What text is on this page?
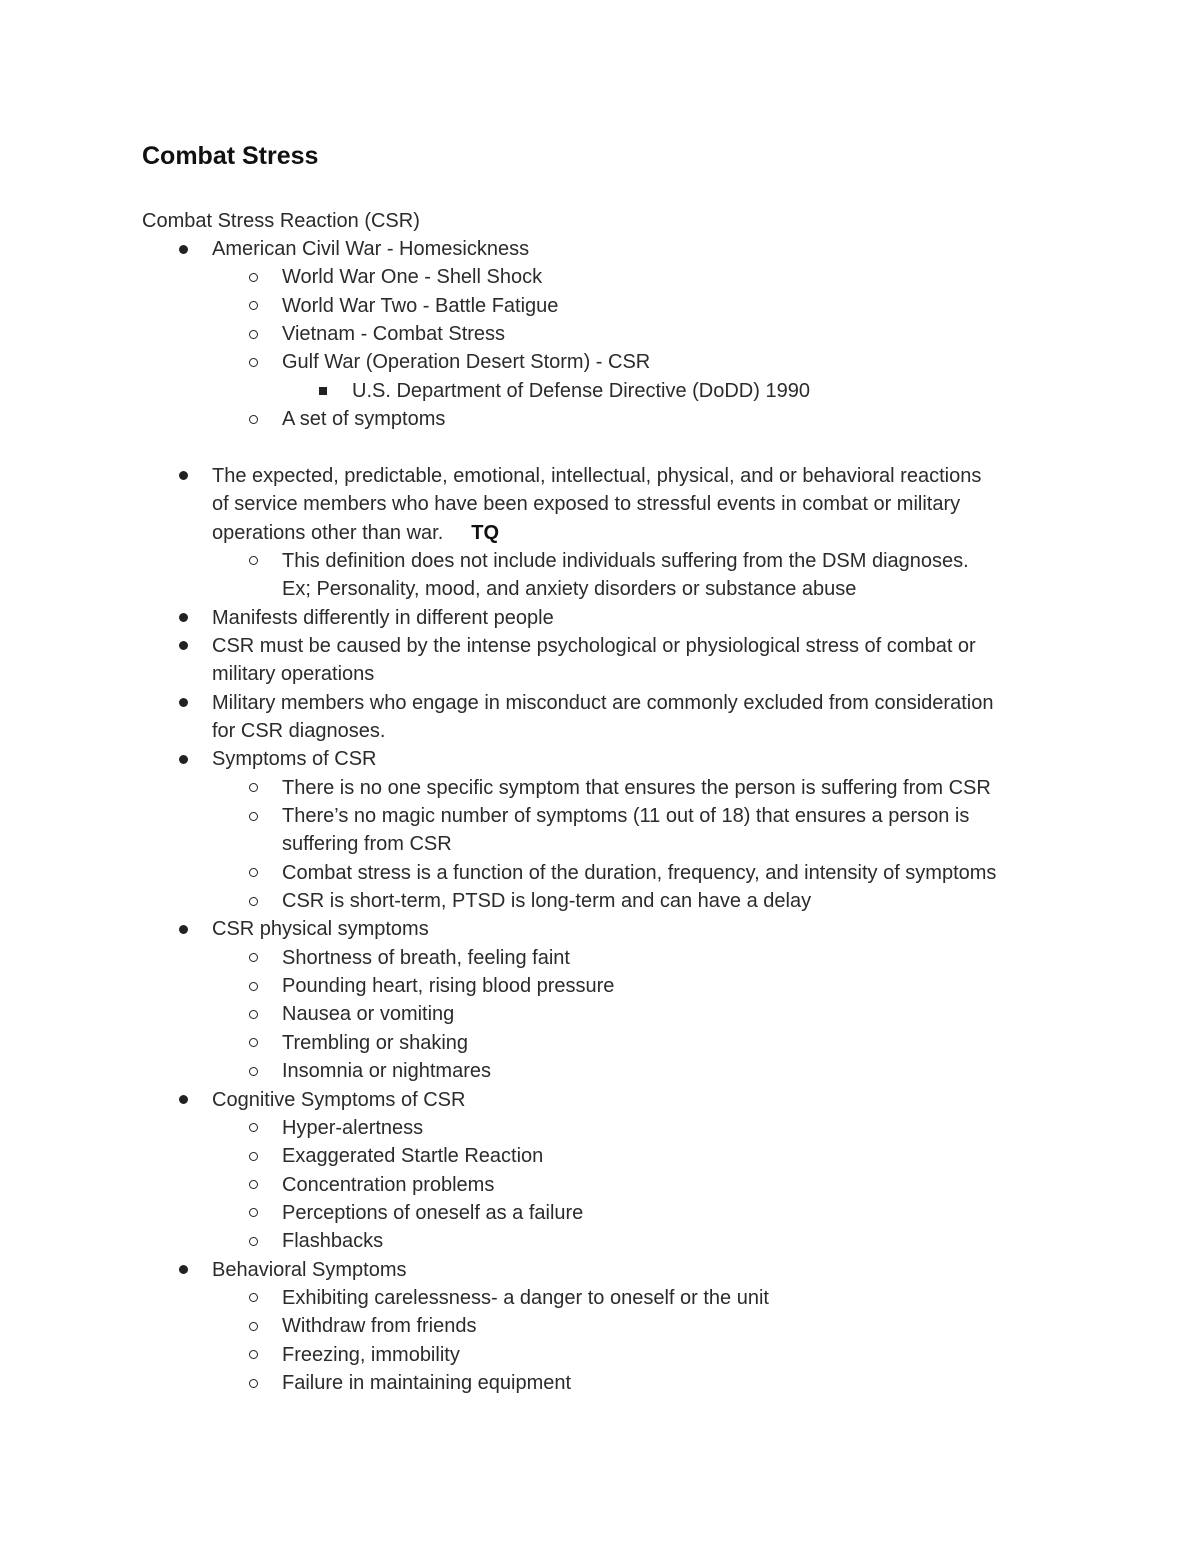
Combat Stress
Combat Stress Reaction (CSR)
American Civil War - Homesickness
World War One - Shell Shock
World War Two - Battle Fatigue
Vietnam - Combat Stress
Gulf War (Operation Desert Storm) - CSR
U.S. Department of Defense Directive (DoDD) 1990
A set of symptoms
The expected, predictable, emotional, intellectual, physical, and or behavioral reactions
of service members who have been exposed to stressful events in combat or military
operations other than war. TQ
This definition does not include individuals suffering from the DSM diagnoses.
Ex; Personality, mood, and anxiety disorders or substance abuse
Manifests differently in different people
CSR must be caused by the intense psychological or physiological stress of combat or
military operations
Military members who engage in misconduct are commonly excluded from consideration
for CSR diagnoses.
Symptoms of CSR
There is no one specific symptom that ensures the person is suffering from CSR
There’s no magic number of symptoms (11 out of 18) that ensures a person is
suffering from CSR
Combat stress is a function of the duration, frequency, and intensity of symptoms
CSR is short-term, PTSD is long-term and can have a delay
CSR physical symptoms
Shortness of breath, feeling faint
Pounding heart, rising blood pressure
Nausea or vomiting
Trembling or shaking
Insomnia or nightmares
Cognitive Symptoms of CSR
Hyper-alertness
Exaggerated Startle Reaction
Concentration problems
Perceptions of oneself as a failure
Flashbacks
Behavioral Symptoms
Exhibiting carelessness- a danger to oneself or the unit
Withdraw from friends
Freezing, immobility
Failure in maintaining equipment
